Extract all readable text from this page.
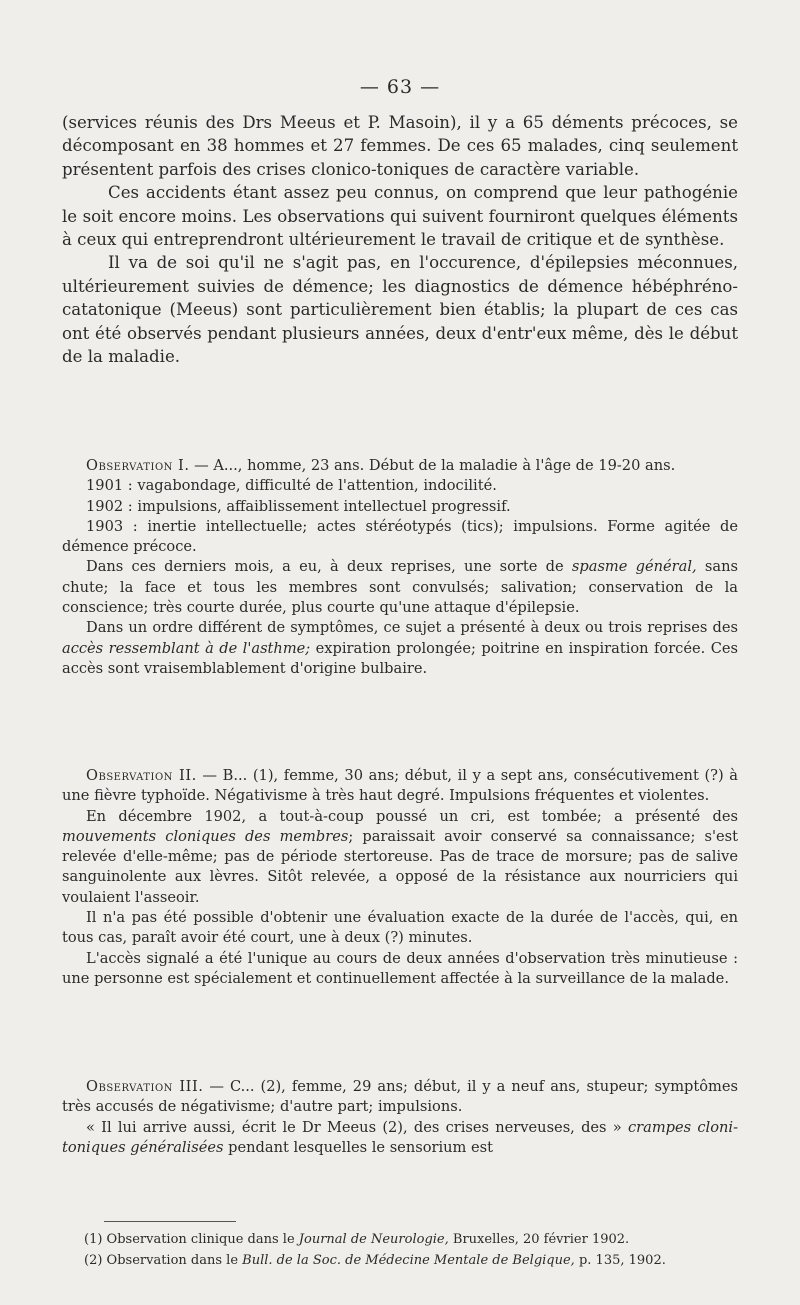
— 63 —

(services réunis des Drs Meeus et P. Masoin), il y a 65 déments précoces, se décomposant en 38 hommes et 27 femmes. De ces 65 malades, cinq seulement présentent parfois des crises clonico-toniques de caractère variable.

Ces accidents étant assez peu connus, on comprend que leur pathogénie le soit encore moins. Les observations qui suivent fourniront quelques éléments à ceux qui entreprendront ultérieurement le travail de critique et de synthèse.

Il va de soi qu'il ne s'agit pas, en l'occurence, d'épilepsies méconnues, ultérieurement suivies de démence; les diagnostics de démence hébéphréno-catatonique (Meeus) sont particulièrement bien établis; la plupart de ces cas ont été observés pendant plusieurs années, deux d'entr'eux même, dès le début de la maladie.

Observation I. — A..., homme, 23 ans. Début de la maladie à l'âge de 19-20 ans.

1901 : vagabondage, difficulté de l'attention, indocilité.

1902 : impulsions, affaiblissement intellectuel progressif.

1903 : inertie intellectuelle; actes stéréotypés (tics); impulsions. Forme agitée de démence précoce.

Dans ces derniers mois, a eu, à deux reprises, une sorte de spasme général, sans chute; la face et tous les membres sont convulsés; salivation; conservation de la conscience; très courte durée, plus courte qu'une attaque d'épilepsie.

Dans un ordre différent de symptômes, ce sujet a présenté à deux ou trois reprises des accès ressemblant à de l'asthme; expiration prolongée; poitrine en inspiration forcée. Ces accès sont vraisemblablement d'origine bulbaire.

Observation II. — B... (1), femme, 30 ans; début, il y a sept ans, consécutivement (?) à une fièvre typhoïde. Négativisme à très haut degré. Impulsions fréquentes et violentes.

En décembre 1902, a tout-à-coup poussé un cri, est tombée; a présenté des mouvements cloniques des membres; paraissait avoir conservé sa connaissance; s'est relevée d'elle-même; pas de période stertoreuse. Pas de trace de morsure; pas de salive sanguinolente aux lèvres. Sitôt relevée, a opposé de la résistance aux nourriciers qui voulaient l'asseoir.

Il n'a pas été possible d'obtenir une évaluation exacte de la durée de l'accès, qui, en tous cas, paraît avoir été court, une à deux (?) minutes.

L'accès signalé a été l'unique au cours de deux années d'observation très minutieuse : une personne est spécialement et continuellement affectée à la surveillance de la malade.

Observation III. — C... (2), femme, 29 ans; début, il y a neuf ans, stupeur; symptômes très accusés de négativisme; d'autre part; impulsions.

« Il lui arrive aussi, écrit le Dr Meeus (2), des crises nerveuses, des » crampes cloni-toniques généralisées pendant lesquelles le sensorium est

(1) Observation clinique dans le Journal de Neurologie, Bruxelles, 20 février 1902.

(2) Observation dans le Bull. de la Soc. de Médecine Mentale de Belgique, p. 135, 1902.
